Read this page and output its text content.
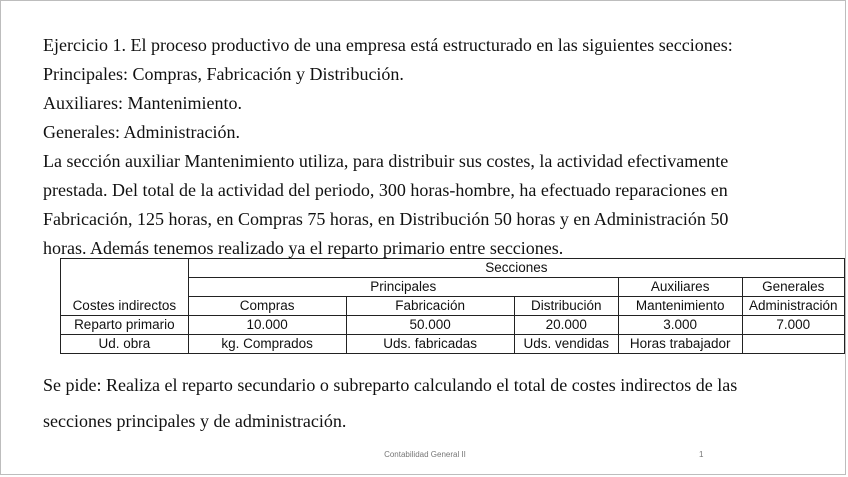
Ejercicio 1. El proceso productivo de una empresa está estructurado en las siguientes secciones:

Principales: Compras, Fabricación y Distribución.

Auxiliares: Mantenimiento.

Generales: Administración.

La sección auxiliar Mantenimiento utiliza, para distribuir sus costes, la actividad efectivamente

prestada. Del total de la actividad del periodo, 300 horas-hombre, ha efectuado reparaciones en

Fabricación, 125 horas, en Compras 75 horas, en Distribución 50 horas y en Administración 50

horas. Además tenemos realizado ya el reparto primario entre secciones.

Costes indirectos	Secciones				
	Principales			Auxiliares	Generales
	Compras	Fabricación	Distribución	Mantenimiento	Administración
Reparto primario	10.000	50.000	20.000	3.000	7.000
Ud. obra	kg. Comprados	Uds. fabricadas	Uds. vendidas	Horas trabajador	

Se pide: Realiza el reparto secundario o subreparto calculando el total de costes indirectos de las

secciones principales y de administración.

Contabilidad General II	1
